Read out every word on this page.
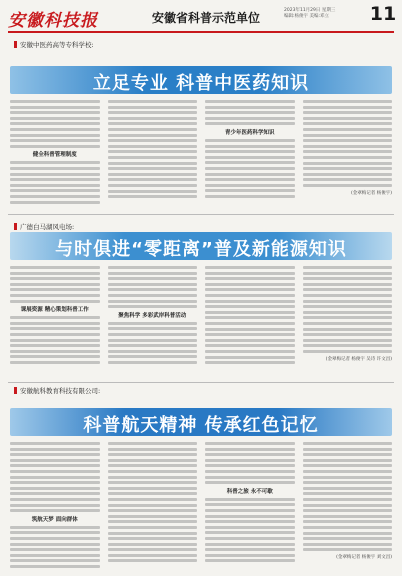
安徽科技报	安徽省科普示范单位
2023年11月29日 星期三
编辑:杨俊宇 美编:邓立	11
安徽中医药高等专科学校:
立足专业 科普中医药知识
健全科普管理制度
青少年医药科学知识
(金翠梅记者 杨俊宇)
广德白马湖风电场:
与时俱进“零距离”普及新能源知识
课展资源 精心策划科普工作
聚焦科学 多彩武岸科普活动
(金翠梅记者 杨俊宇 吴诗 许文昌)
安徽航科教育科技有限公司:
科普航天精神 传承红色记忆
筑航天梦 面向群体
科普之旅 永不可歇
(金翠梅记者 杨俊宇 刘文昌)
